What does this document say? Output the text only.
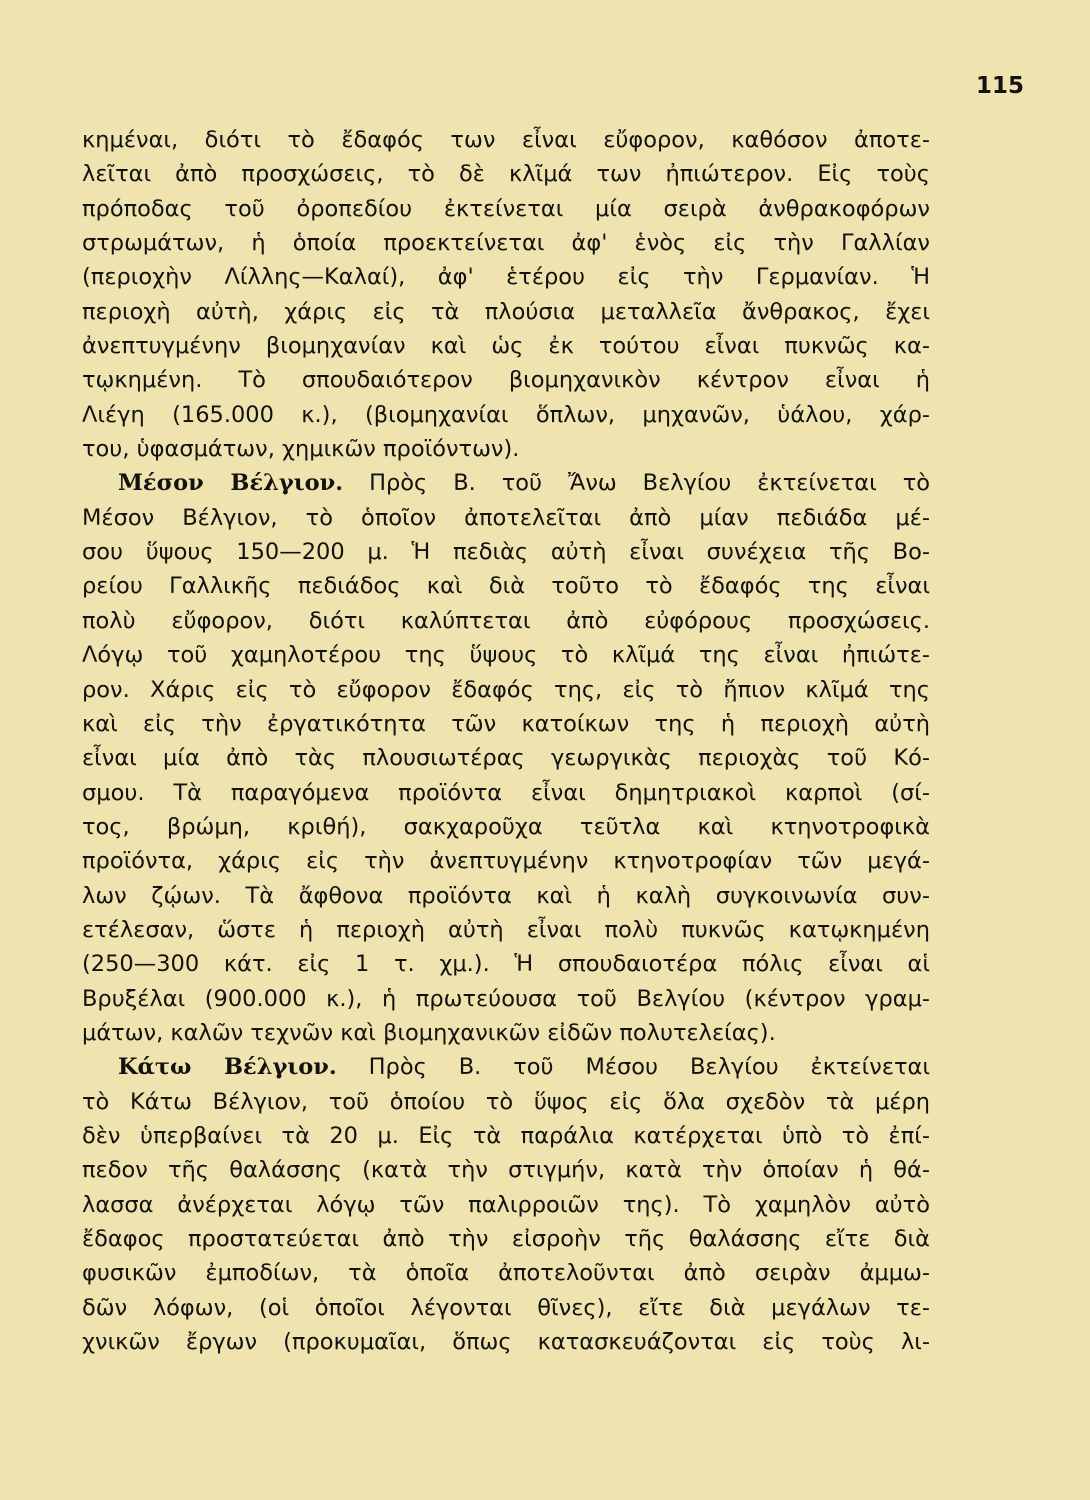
115
κημέναι, διότι τὸ ἔδαφός των εἶναι εὔφορον, καθόσον ἀποτε-
λεῖται ἀπὸ προσχώσεις, τὸ δὲ κλῖμά των ἠπιώτερον. Εἰς τοὺς
πρόποδας τοῦ ὀροπεδίου ἐκτείνεται μία σειρὰ ἀνθρακοφόρων
στρωμάτων, ἡ ὁποία προεκτείνεται ἀφ' ἑνὸς εἰς τὴν Γαλλίαν
(περιοχὴν Λίλλης—Καλαί), ἀφ' ἑτέρου εἰς τὴν Γερμανίαν. Ἡ
περιοχὴ αὐτὴ, χάρις εἰς τὰ πλούσια μεταλλεῖα ἄνθρακος, ἔχει
ἀνεπτυγμένην βιομηχανίαν καὶ ὡς ἐκ τούτου εἶναι πυκνῶς κα-
τῳκημένη. Τὸ σπουδαιότερον βιομηχανικὸν κέντρον εἶναι ἡ
Λιέγη (165.000 κ.), (βιομηχανίαι ὅπλων, μηχανῶν, ὑάλου, χάρ-
του, ὑφασμάτων, χημικῶν προϊόντων).
Μέσον Βέλγιον. Πρὸς Β. τοῦ Ἄνω Βελγίου ἐκτείνεται τὸ
Μέσον Βέλγιον, τὸ ὁποῖον ἀποτελεῖται ἀπὸ μίαν πεδιάδα μέ-
σου ὕψους 150—200 μ. Ἡ πεδιὰς αὐτὴ εἶναι συνέχεια τῆς Βο-
ρείου Γαλλικῆς πεδιάδος καὶ διὰ τοῦτο τὸ ἔδαφός της εἶναι
πολὺ εὔφορον, διότι καλύπτεται ἀπὸ εὐφόρους προσχώσεις.
Λόγῳ τοῦ χαμηλοτέρου της ὕψους τὸ κλῖμά της εἶναι ἠπιώτε-
ρον. Χάρις εἰς τὸ εὔφορον ἔδαφός της, εἰς τὸ ἤπιον κλῖμά της
καὶ εἰς τὴν ἐργατικότητα τῶν κατοίκων της ἡ περιοχὴ αὐτὴ
εἶναι μία ἀπὸ τὰς πλουσιωτέρας γεωργικὰς περιοχὰς τοῦ Κό-
σμου. Τὰ παραγόμενα προϊόντα εἶναι δημητριακοὶ καρποὶ (σί-
τος, βρώμη, κριθή), σακχαροῦχα τεῦτλα καὶ κτηνοτροφικὰ
προϊόντα, χάρις εἰς τὴν ἀνεπτυγμένην κτηνοτροφίαν τῶν μεγά-
λων ζῴων. Τὰ ἄφθονα προϊόντα καὶ ἡ καλὴ συγκοινωνία συν-
ετέλεσαν, ὥστε ἡ περιοχὴ αὐτὴ εἶναι πολὺ πυκνῶς κατῳκημένη
(250—300 κάτ. εἰς 1 τ. χμ.). Ἡ σπουδαιοτέρα πόλις εἶναι αἱ
Βρυξέλαι (900.000 κ.), ἡ πρωτεύουσα τοῦ Βελγίου (κέντρον γραμ-
μάτων, καλῶν τεχνῶν καὶ βιομηχανικῶν εἰδῶν πολυτελείας).
Κάτω Βέλγιον. Πρὸς Β. τοῦ Μέσου Βελγίου ἐκτείνεται
τὸ Κάτω Βέλγιον, τοῦ ὁποίου τὸ ὕψος εἰς ὅλα σχεδὸν τὰ μέρη
δὲν ὑπερβαίνει τὰ 20 μ. Εἰς τὰ παράλια κατέρχεται ὑπὸ τὸ ἐπί-
πεδον τῆς θαλάσσης (κατὰ τὴν στιγμήν, κατὰ τὴν ὁποίαν ἡ θά-
λασσα ἀνέρχεται λόγῳ τῶν παλιρροιῶν της). Τὸ χαμηλὸν αὐτὸ
ἔδαφος προστατεύεται ἀπὸ τὴν εἰσροὴν τῆς θαλάσσης εἴτε διὰ
φυσικῶν ἐμποδίων, τὰ ὁποῖα ἀποτελοῦνται ἀπὸ σειρὰν ἀμμω-
δῶν λόφων, (οἱ ὁποῖοι λέγονται θῖνες), εἴτε διὰ μεγάλων τε-
χνικῶν ἔργων (προκυμαῖαι, ὅπως κατασκευάζονται εἰς τοὺς λι-
